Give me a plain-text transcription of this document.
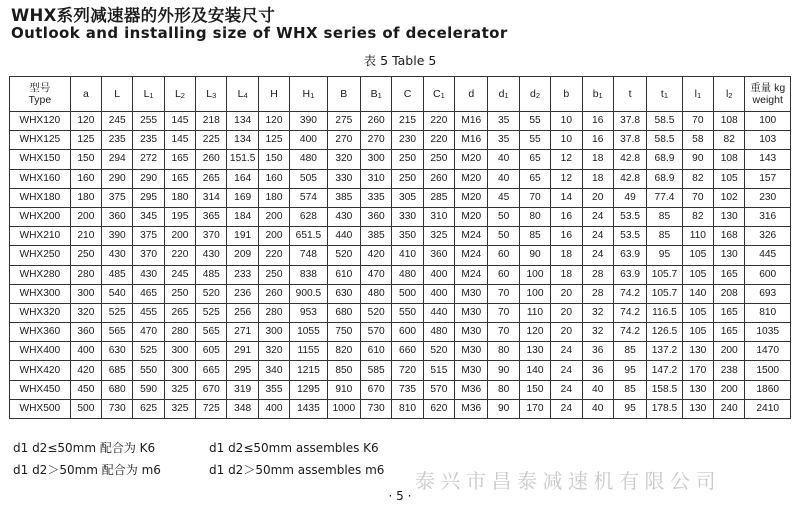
WHX系列减速器的外形及安装尺寸
Outlook and installing size of WHX series of decelerator
表 5 Table 5
型号
Type	a	L	$L_1$	$L_2$	$L_3$	$L_4$	H	$H_1$	B	$B_1$	C	$C_1$	d	$d_1$	$d_2$	b	$b_1$	t	$t_1$	$l_1$	$l_2$	重量 kg
weight
WHX120	120	245	255	145	218	134	120	390	275	260	215	220	M16	35	55	10	16	37.8	58.5	70	108	100
WHX125	125	235	235	145	225	134	125	400	270	270	230	220	M16	35	55	10	16	37.8	58.5	58	82	103
WHX150	150	294	272	165	260	151.5	150	480	320	300	250	250	M20	40	65	12	18	42.8	68.9	90	108	143
WHX160	160	290	290	165	265	164	160	505	330	310	250	260	M20	40	65	12	18	42.8	68.9	82	105	157
WHX180	180	375	295	180	314	169	180	574	385	335	305	285	M20	45	70	14	20	49	77.4	70	102	230
WHX200	200	360	345	195	365	184	200	628	430	360	330	310	M20	50	80	16	24	53.5	85	82	130	316
WHX210	210	390	375	200	370	191	200	651.5	440	385	350	325	M24	50	85	16	24	53.5	85	110	168	326
WHX250	250	430	370	220	430	209	220	748	520	420	410	360	M24	60	90	18	24	63.9	95	105	130	445
WHX280	280	485	430	245	485	233	250	838	610	470	480	400	M24	60	100	18	28	63.9	105.7	105	165	600
WHX300	300	540	465	250	520	236	260	900.5	630	480	500	400	M30	70	100	20	28	74.2	105.7	140	208	693
WHX320	320	525	455	265	525	256	280	953	680	520	550	440	M30	70	110	20	32	74.2	116.5	105	165	810
WHX360	360	565	470	280	565	271	300	1055	750	570	600	480	M30	70	120	20	32	74.2	126.5	105	165	1035
WHX400	400	630	525	300	605	291	320	1155	820	610	660	520	M30	80	130	24	36	85	137.2	130	200	1470
WHX420	420	685	550	300	665	295	340	1215	850	585	720	515	M30	90	140	24	36	95	147.2	170	238	1500
WHX450	450	680	590	325	670	319	355	1295	910	670	735	570	M36	80	150	24	40	85	158.5	130	200	1860
WHX500	500	730	625	325	725	348	400	1435	1000	730	810	620	M36	90	170	24	40	95	178.5	130	240	2410
d1 d2≤50mm 配合为 K6	d1 d2≤50mm assembles K6
d1 d2＞50mm 配合为 m6	d1 d2＞50mm assembles m6 泰兴市昌泰减速机有限公司
· 5 ·
